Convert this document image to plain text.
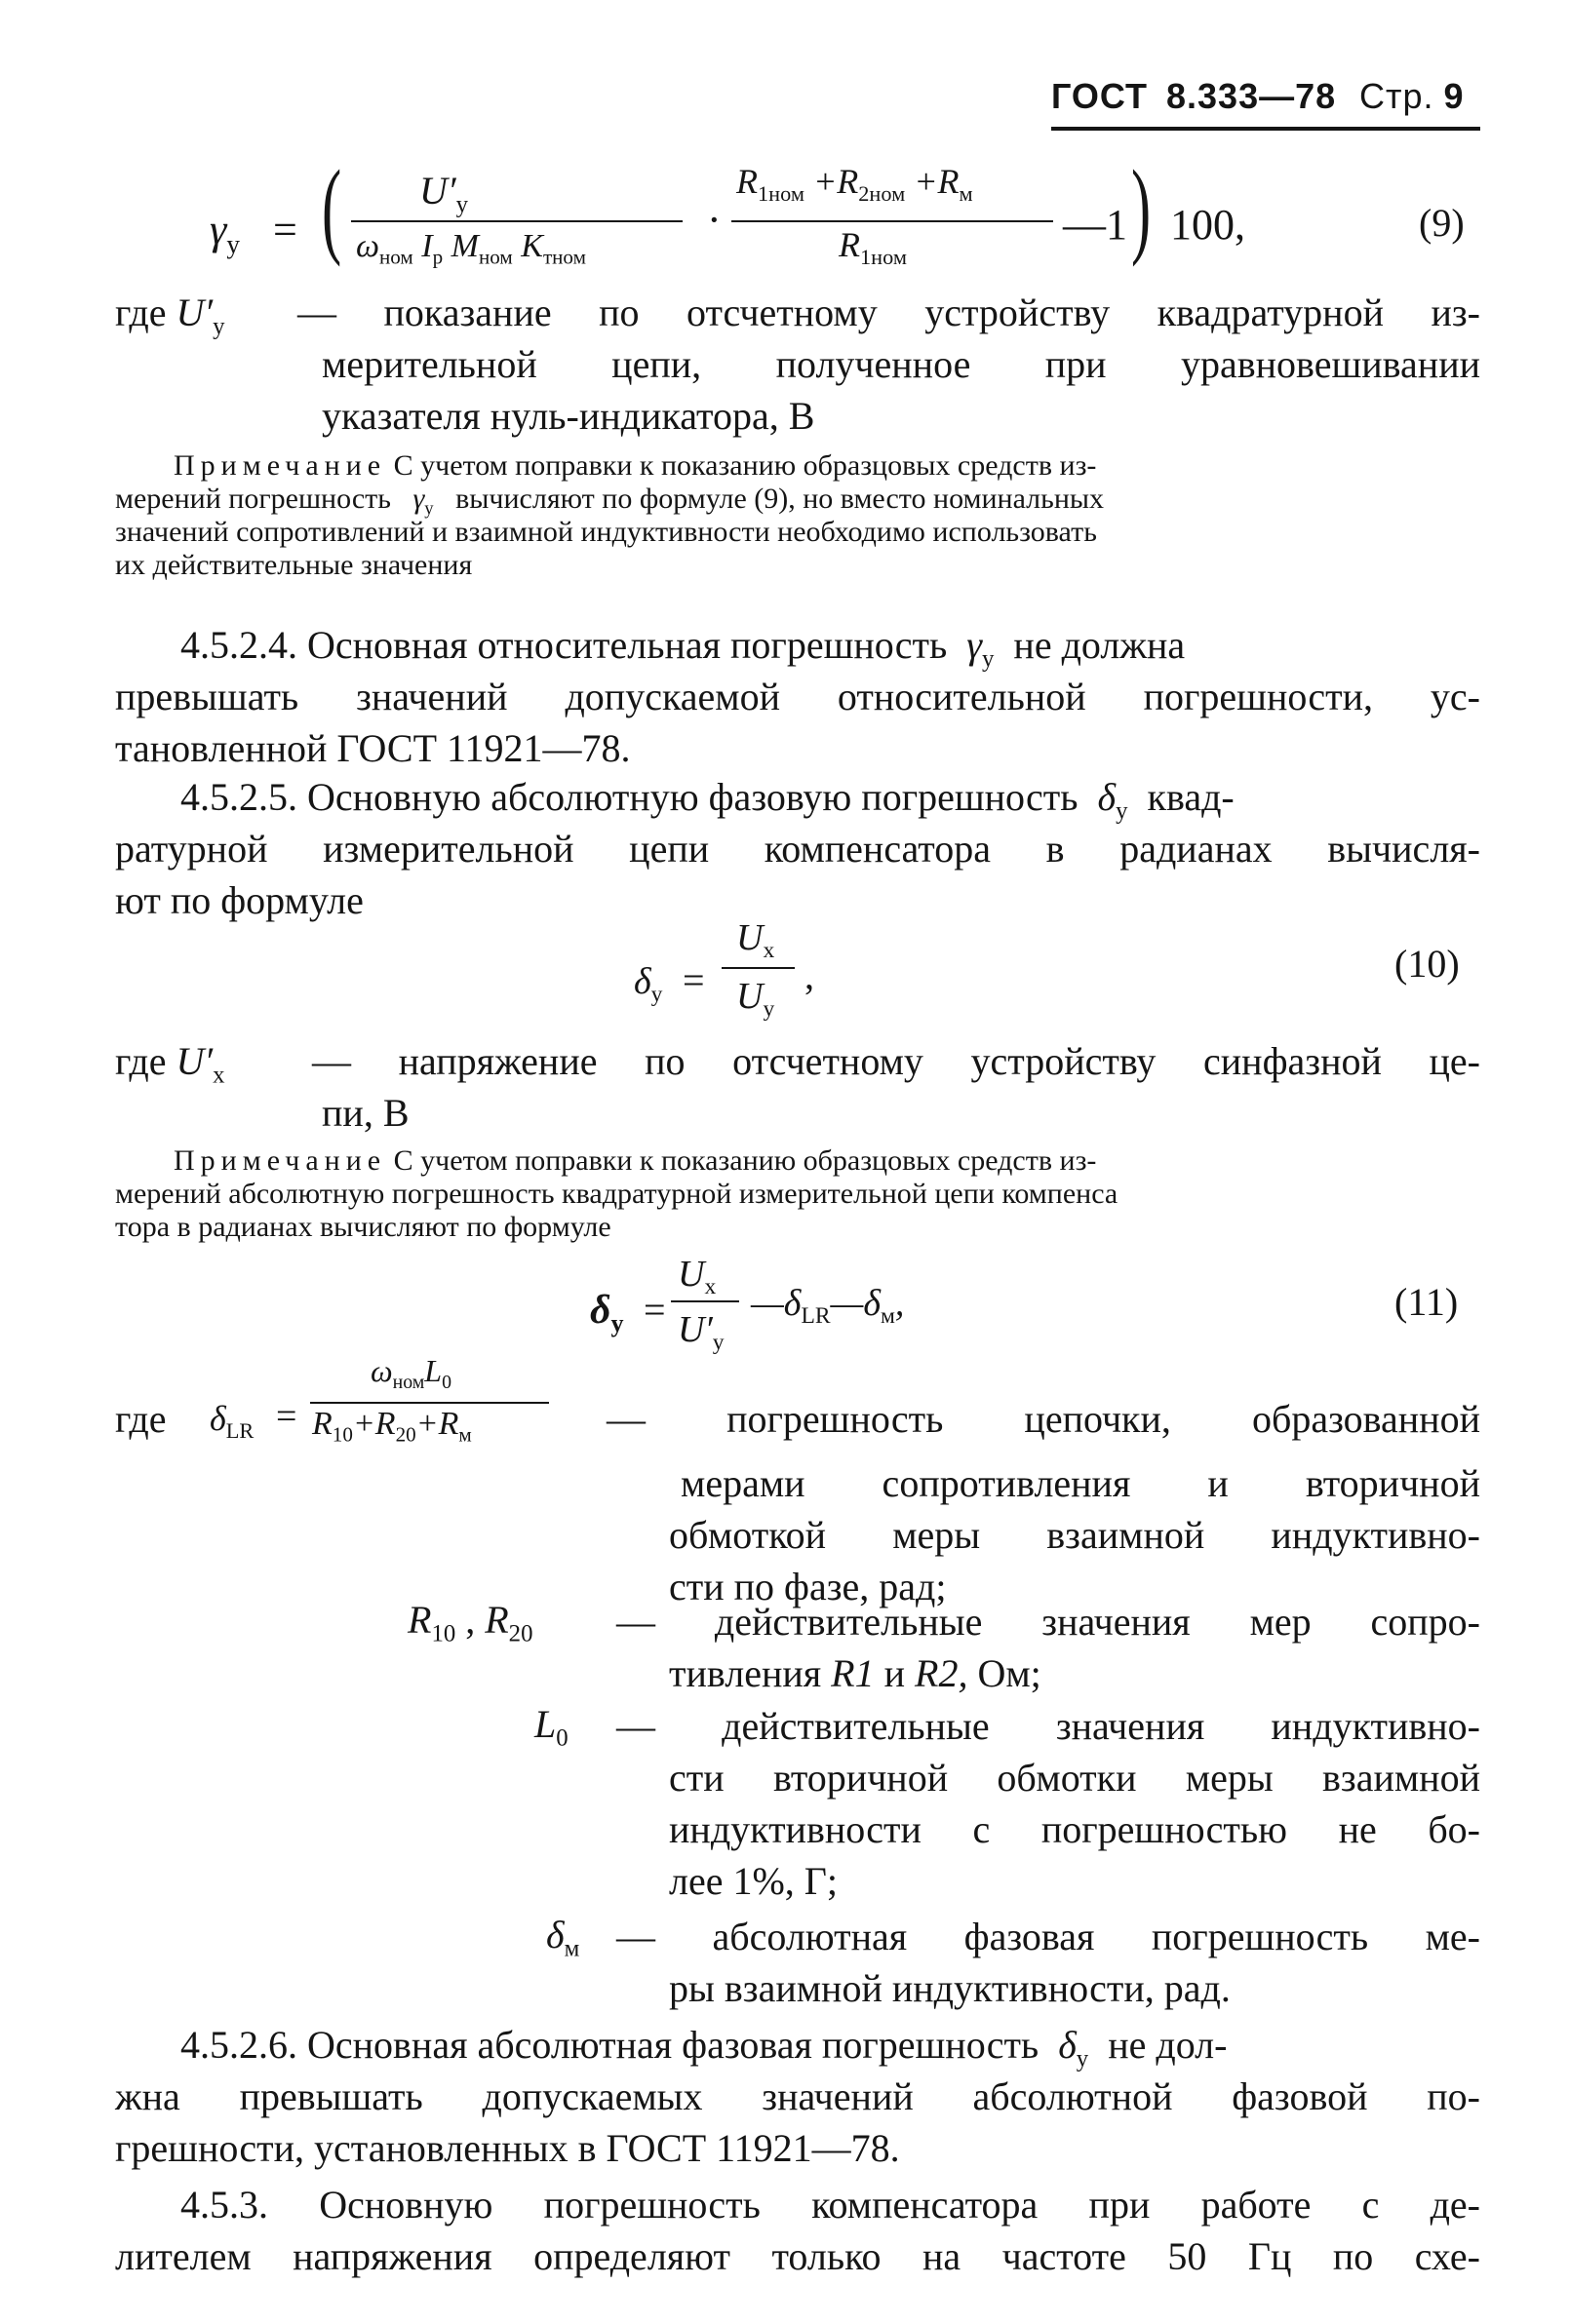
ГОСТ 8.333—78 Стр. 9
$\gamma_y$ = ( $U'_y$
$\omega_{ном}$ $I_р$ $M_{ном}$ $K_{тном}$
·
$R_{1ном} +R_{2ном} +R_м$
$R_{1ном}$
—1 ) 100,	(9)
где $U'_y$ — показание по отсчетному устройству квадратурной из-
мерительной цепи, полученное при уравновешивании
указателя нуль-индикатора, В
Примечание С учетом поправки к показанию образцовых средств из-
мерений погрешность $\gamma_y$ вычисляют по формуле (9), но вместо номинальных
значений сопротивлений и взаимной индуктивности необходимо использовать
их действительные значения
4.5.2.4. Основная относительная погрешность $\gamma_y$ не должна
превышать значений допускаемой относительной погрешности, ус-
тановленной ГОСТ 11921—78.
4.5.2.5. Основную абсолютную фазовую погрешность $\delta_y$ квад-
ратурной измерительной цепи компенсатора в радианах вычисля-
ют по формуле
$\delta_y$ =
$U_x$
$U_y$
,	(10)
где $U'_x$ — напряжение по отсчетному устройству синфазной це-
пи, В
Примечание С учетом поправки к показанию образцовых средств из-
мерений абсолютную погрешность квадратурной измерительной цепи компенса
тора в радианах вычисляют по формуле
$\delta_y$ =
$U_x$
$U'_y$
$—\delta_{LR}—\delta_м$,	(11)
где $\delta_{LR}$ =
$\omega_{ном}L_0$
$R_{10}+R_{20}+R_м$	— погрешность цепочки, образованной
мерами сопротивления и вторичной
обмоткой меры взаимной индуктивно-
сти по фазе, рад;
$R_{10}$ , $R_{20}$ — действительные значения мер сопро-
тивления R1 и R2, Ом;
$L_0$ — действительные значения индуктивно-
сти вторичной обмотки меры взаимной
индуктивности с погрешностью не бо-
лее 1%, Г;
$\delta_м$ — абсолютная фазовая погрешность ме-
ры взаимной индуктивности, рад.
4.5.2.6. Основная абсолютная фазовая погрешность $\delta_y$ не дол-
жна превышать допускаемых значений абсолютной фазовой по-
грешности, установленных в ГОСТ 11921—78.
4.5.3. Основную погрешность компенсатора при работе с де-
лителем напряжения определяют только на частоте 50 Гц по схе-
